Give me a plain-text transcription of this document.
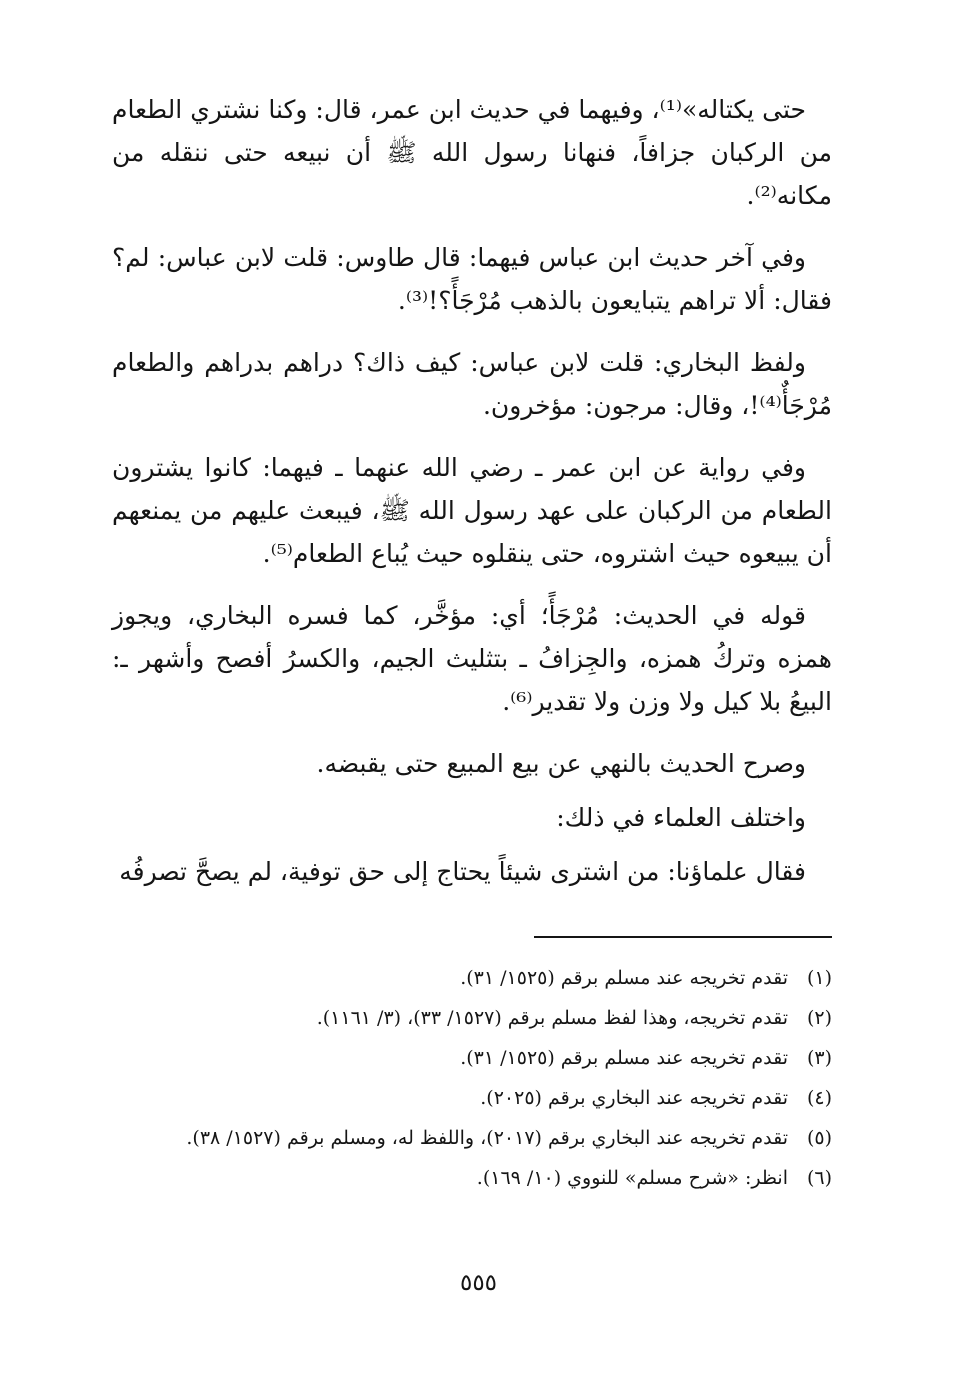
حتى يكتاله»⁽¹⁾، وفيهما في حديث ابن عمر، قال: وكنا نشتري الطعام من الركبان جزافاً، فنهانا رسول الله ﷺ أن نبيعه حتى ننقله من مكانه⁽²⁾.

وفي آخر حديث ابن عباس فيهما: قال طاوس: قلت لابن عباس: لم؟ فقال: ألا تراهم يتبايعون بالذهب مُرْجَأً؟!⁽³⁾.

ولفظ البخاري: قلت لابن عباس: كيف ذاك؟ دراهم بدراهم والطعام مُرْجَأٌ⁽⁴⁾!، وقال: مرجون: مؤخرون.

وفي رواية عن ابن عمر ـ رضي الله عنهما ـ فيهما: كانوا يشترون الطعام من الركبان على عهد رسول الله ﷺ، فيبعث عليهم من يمنعهم أن يبيعوه حيث اشتروه، حتى ينقلوه حيث يُباع الطعام⁽⁵⁾.

قوله في الحديث: مُرْجَأً؛ أي: مؤخَّر، كما فسره البخاري، ويجوز همزه وتركُ همزه، والجِزافُ ـ بتثليث الجيم، والكسرُ أفصح وأشهر ـ: البيعُ بلا كيل ولا وزن ولا تقدير⁽⁶⁾.

وصرح الحديث بالنهي عن بيع المبيع حتى يقبضه.

واختلف العلماء في ذلك:

فقال علماؤنا: من اشترى شيئاً يحتاج إلى حق توفية، لم يصحَّ تصرفُه

(١)
تقدم تخريجه عند مسلم برقم (١٥٢٥/ ٣١).
(٢)
تقدم تخريجه، وهذا لفظ مسلم برقم (١٥٢٧/ ٣٣)، (٣/ ١١٦١).
(٣)
تقدم تخريجه عند مسلم برقم (١٥٢٥/ ٣١).
(٤)
تقدم تخريجه عند البخاري برقم (٢٠٢٥).
(٥)
تقدم تخريجه عند البخاري برقم (٢٠١٧)، واللفظ له، ومسلم برقم (١٥٢٧/ ٣٨).
(٦)
انظر: «شرح مسلم» للنووي (١٠/ ١٦٩).
٥٥٥
